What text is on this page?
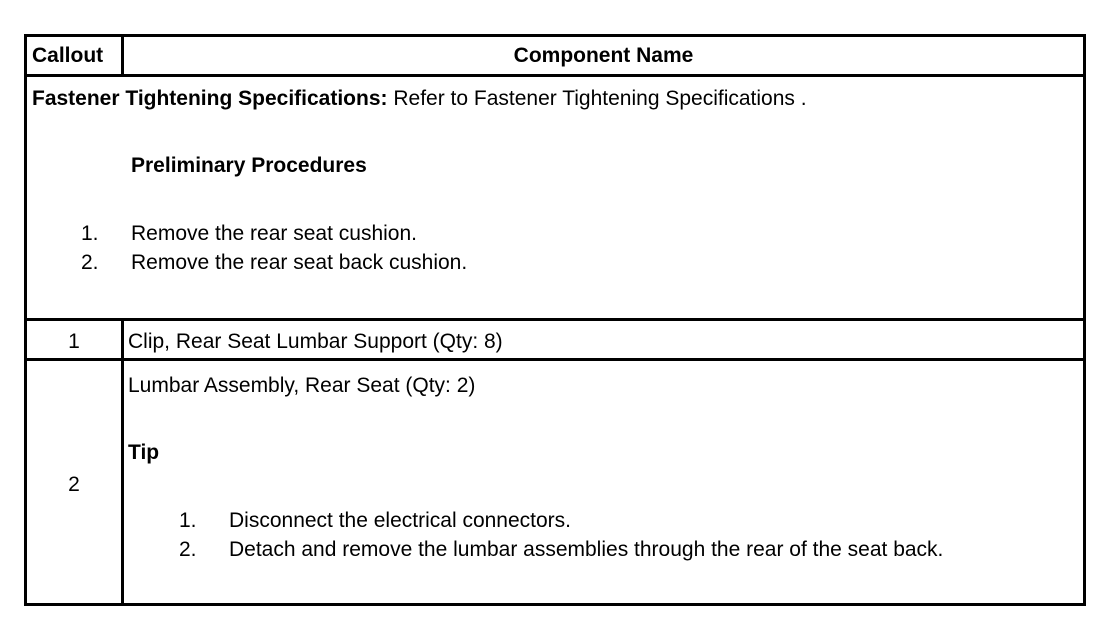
Callout	Component Name
Fastener Tightening Specifications: Refer to Fastener Tightening Specifications .
Preliminary Procedures
1. Remove the rear seat cushion.
2. Remove the rear seat back cushion.
1	Clip, Rear Seat Lumbar Support (Qty: 8)
2
Lumbar Assembly, Rear Seat (Qty: 2)
Tip
1. Disconnect the electrical connectors.
2. Detach and remove the lumbar assemblies through the rear of the seat back.
